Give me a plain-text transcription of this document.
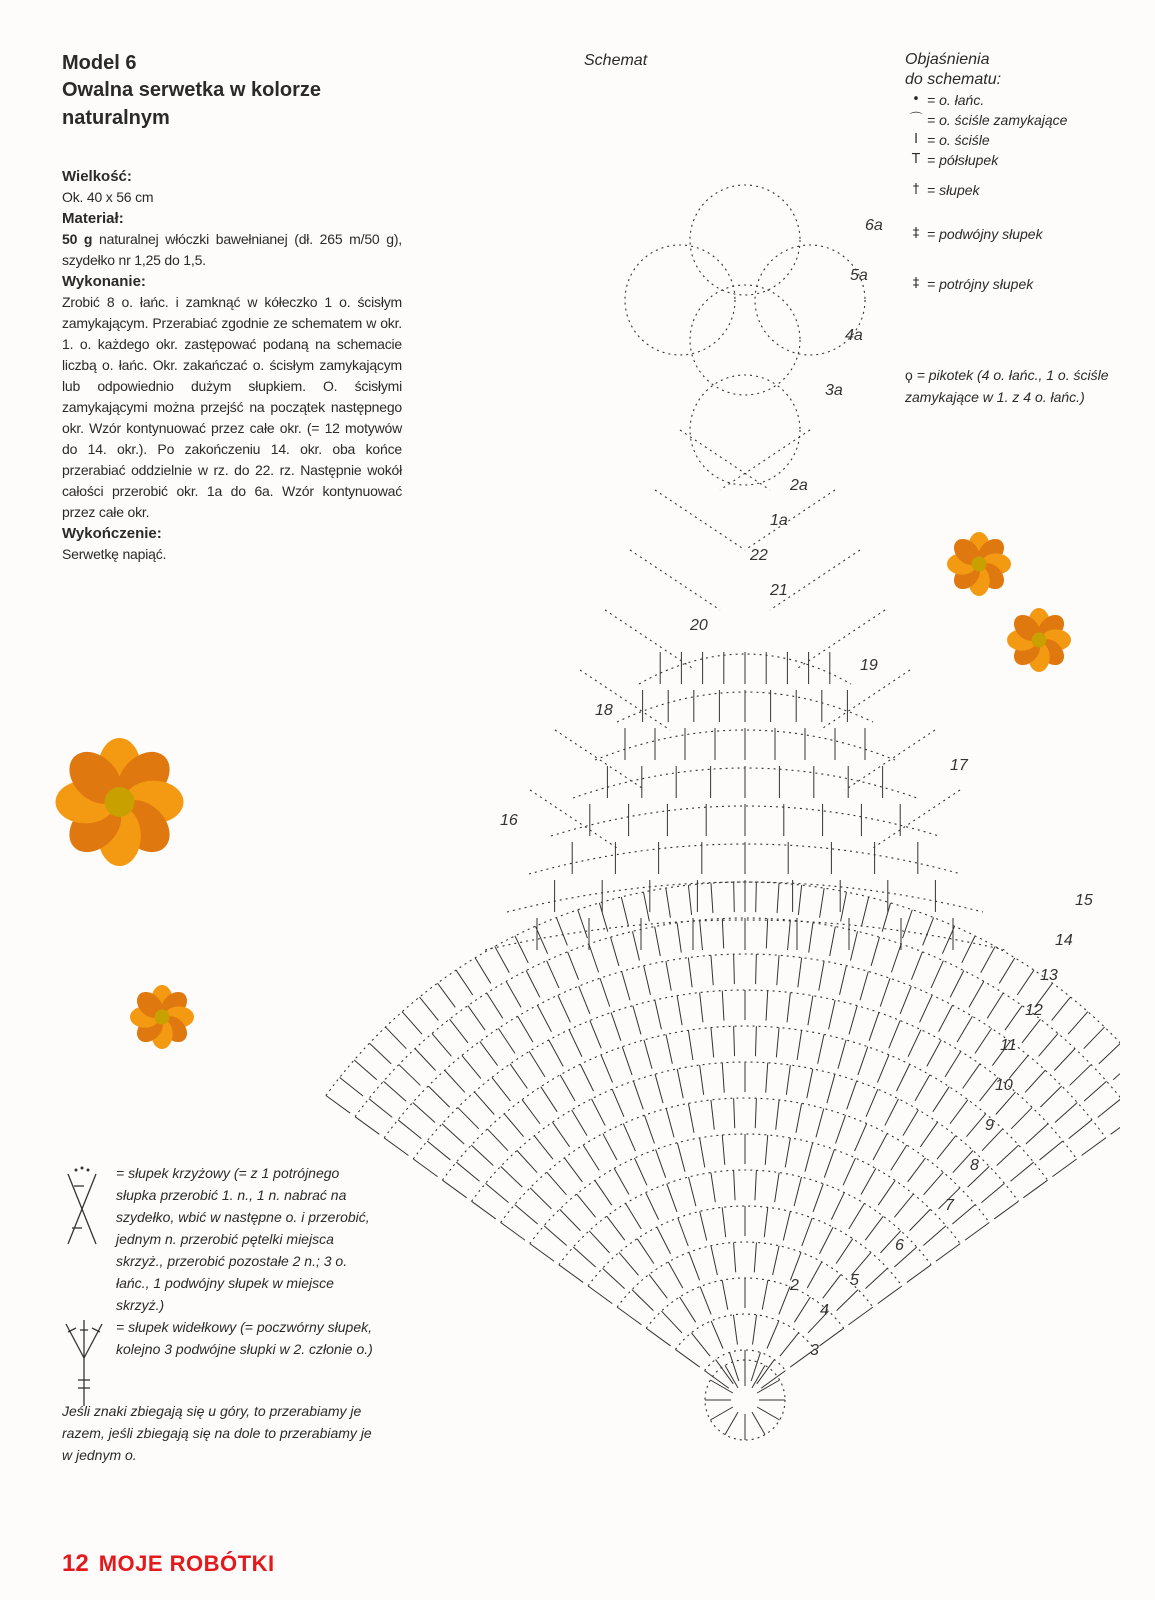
Model 6
Owalna serwetka w kolorze naturalnym
Wielkość:
Ok. 40 x 56 cm
Materiał:
50 g naturalnej włóczki bawełnianej (dł. 265 m/50 g), szydełko nr 1,25 do 1,5.
Wykonanie:
Zrobić 8 o. łańc. i zamknąć w kółeczko 1 o. ścisłym zamykającym. Przerabiać zgodnie ze schematem w okr. 1. o. każdego okr. zastępować podaną na schemacie liczbą o. łańc. Okr. zakańczać o. ścisłym zamykającym lub odpowiednio dużym słupkiem. O. ścisłymi zamykającymi można przejść na początek następnego okr. Wzór kontynuować przez całe okr. (= 12 motywów do 14. okr.). Po zakończeniu 14. okr. oba końce przerabiać oddzielnie w rz. do 22. rz. Następnie wokół całości przerobić okr. 1a do 6a. Wzór kontynuować przez całe okr.
Wykończenie:
Serwetkę napiąć.
Schemat	Objaśnienia
do schematu:
• = o. łańc.
⌒ = o. ściśle zamykające
I = o. ściśle
T = półsłupek
† = słupek
‡ = podwójny słupek
‡ = potrójny słupek
ϙ = pikotek (4 o. łańc., 1 o. ściśle zamykające w 1. z 4 o. łańc.)
2
3
4
5
6
7
8
9
10
11
12
13
14
15
16
17
18
19
20
21
22
1a
2a
3a
4a
5a
6a
= słupek krzyżowy (= z 1 potrójnego słupka przerobić 1. n., 1 n. nabrać na szydełko, wbić w następne o. i przerobić, jednym n. przerobić pętelki miejsca skrzyż., przerobić pozostałe 2 n.; 3 o. łańc., 1 podwójny słupek w miejsce skrzyż.)
= słupek widełkowy (= poczwórny słupek, kolejno 3 podwójne słupki w 2. członie o.)
Jeśli znaki zbiegają się u góry, to przerabiamy je razem, jeśli zbiegają się na dole to przerabiamy je w jednym o.
12 MOJE ROBÓTKI
